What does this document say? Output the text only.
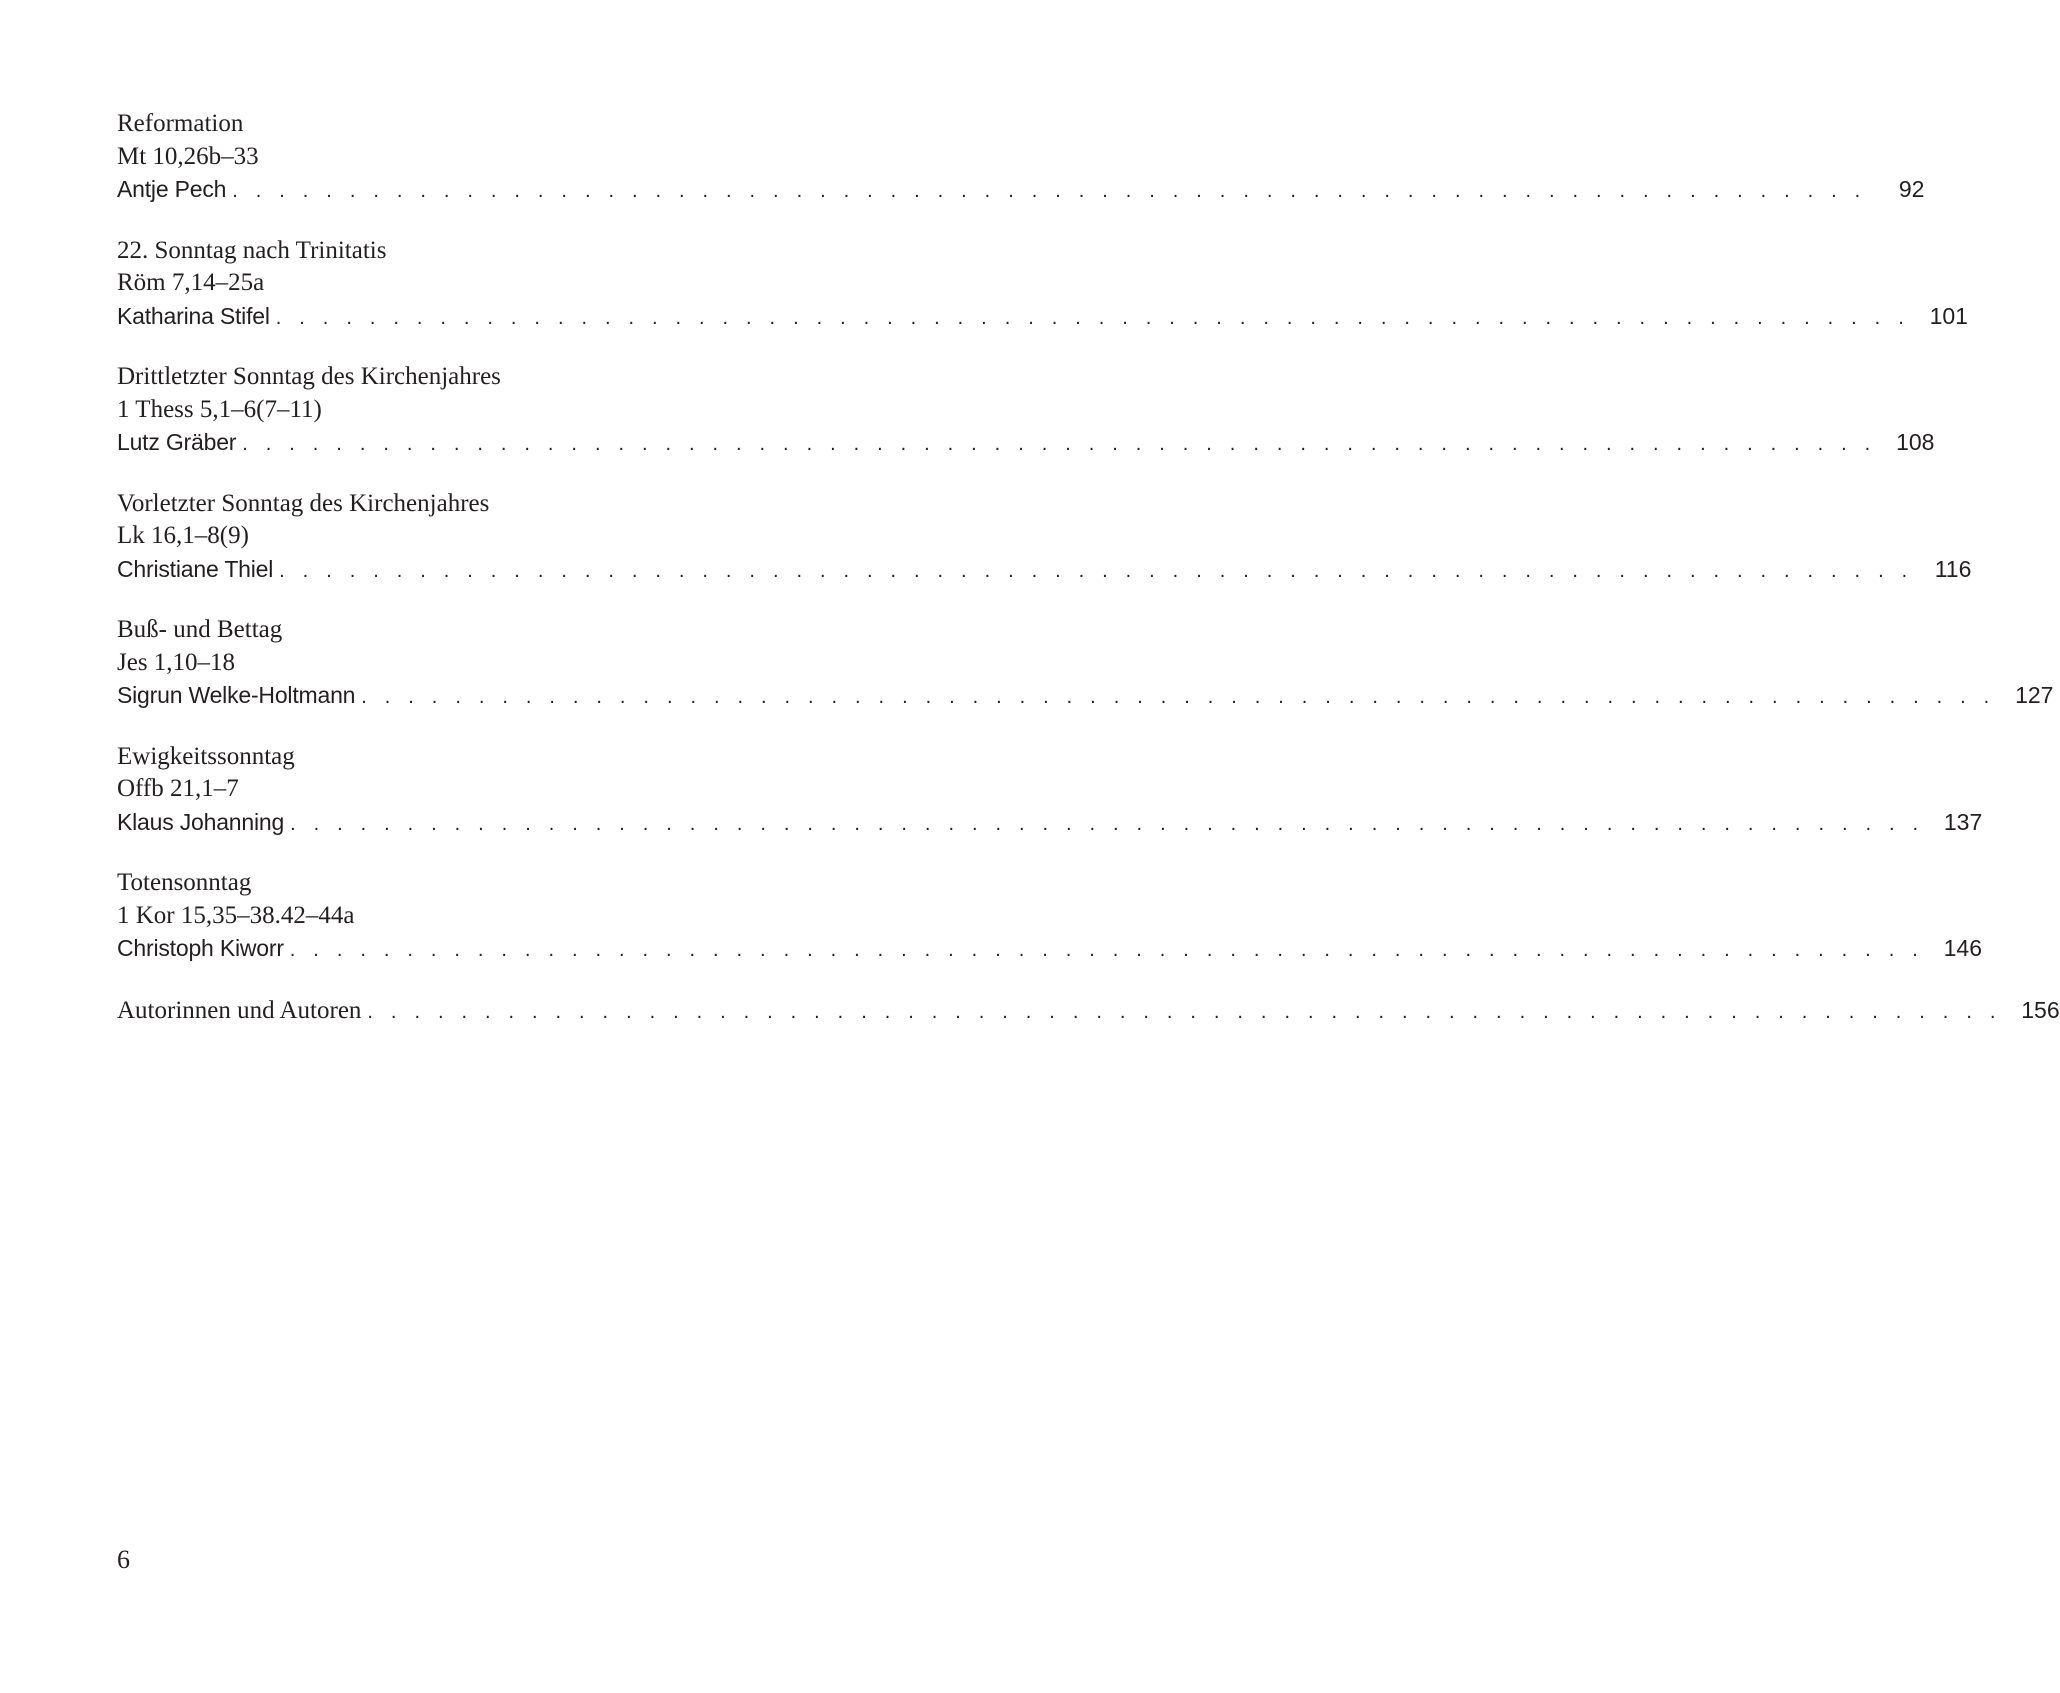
Reformation
Mt 10,26b–33
Antje Pech . . . . . . . . . . . . . . . . . . . . . . . . . . . . . . . . . . . . . . . . . . . . . . . . . . . . . . . . . . . . . . . . . . . . . .	92
22. Sonntag nach Trinitatis
Röm 7,14–25a
Katharina Stifel . . . . . . . . . . . . . . . . . . . . . . . . . . . . . . . . . . . . . . . . . . . . . . . . . . . . . . . . . . . . . . . . . . . . . . 101
Drittletzter Sonntag des Kirchenjahres
1 Thess 5,1–6(7–11)
Lutz Gräber . . . . . . . . . . . . . . . . . . . . . . . . . . . . . . . . . . . . . . . . . . . . . . . . . . . . . . . . . . . . . . . . . . . . . . 108
Vorletzter Sonntag des Kirchenjahres
Lk 16,1–8(9)
Christiane Thiel . . . . . . . . . . . . . . . . . . . . . . . . . . . . . . . . . . . . . . . . . . . . . . . . . . . . . . . . . . . . . . . . . . . . . . 116
Buß- und Bettag
Jes 1,10–18
Sigrun Welke-Holtmann . . . . . . . . . . . . . . . . . . . . . . . . . . . . . . . . . . . . . . . . . . . . . . . . . . . . . . . . . . . . . . . . . . . . . . 127
Ewigkeitssonntag
Offb 21,1–7
Klaus Johanning . . . . . . . . . . . . . . . . . . . . . . . . . . . . . . . . . . . . . . . . . . . . . . . . . . . . . . . . . . . . . . . . . . . . . . 137
Totensonntag
1 Kor 15,35–38.42–44a
Christoph Kiworr . . . . . . . . . . . . . . . . . . . . . . . . . . . . . . . . . . . . . . . . . . . . . . . . . . . . . . . . . . . . . . . . . . . . . . 146
Autorinnen und Autoren . . . . . . . . . . . . . . . . . . . . . . . . . . . . . . . . . . . . . . . . . . . . . . . . . . . . . . . . . . . . . . . . . . . . . . 156
6
